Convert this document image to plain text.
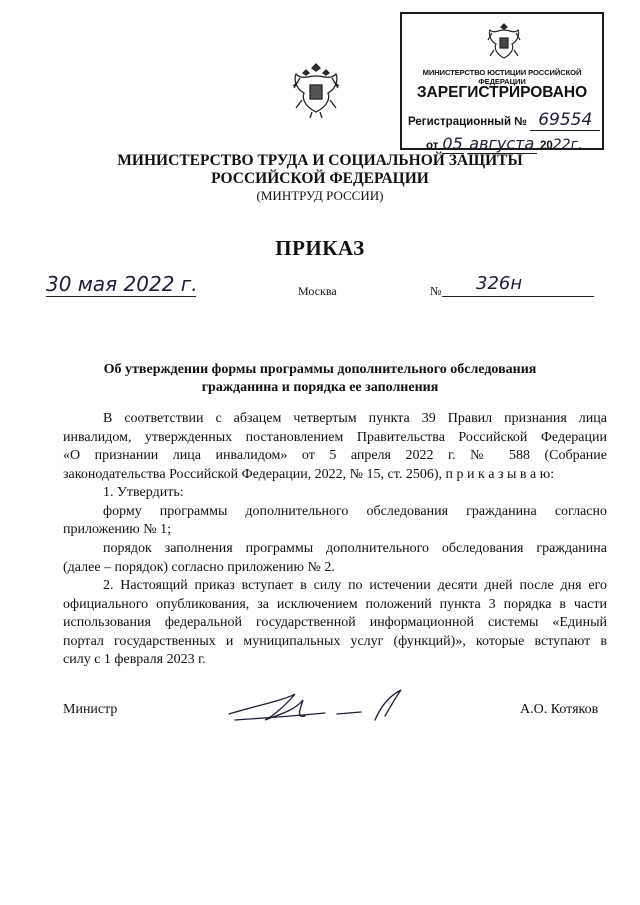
МИНИСТЕРСТВО ЮСТИЦИИ РОССИЙСКОЙ ФЕДЕРАЦИИ
ЗАРЕГИСТРИРОВАНО
Регистрационный № 69554
от 05 августа 2022г.
МИНИСТЕРСТВО ТРУДА И СОЦИАЛЬНОЙ ЗАЩИТЫ
РОССИЙСКОЙ ФЕДЕРАЦИИ
(МИНТРУД РОССИИ)
ПРИКАЗ
30 мая 2022 г.	Москва	№	326н
Об утверждении формы программы дополнительного обследования
гражданина и порядка ее заполнения
В соответствии с абзацем четвертым пункта 39 Правил признания лица
инвалидом, утвержденных постановлением Правительства Российской Федерации
«О признании лица инвалидом» от 5 апреля 2022 г. № 588 (Собрание
законодательства Российской Федерации, 2022, № 15, ст. 2506), п р и к а з ы в а ю:
1. Утвердить:
форму программы дополнительного обследования гражданина согласно
приложению № 1;
порядок заполнения программы дополнительного обследования гражданина
(далее – порядок) согласно приложению № 2.
2. Настоящий приказ вступает в силу по истечении десяти дней после дня его
официального опубликования, за исключением положений пункта 3 порядка в части
использования федеральной государственной информационной системы «Единый
портал государственных и муниципальных услуг (функций)», которые вступают в
силу с 1 февраля 2023 г.
Министр	А.О. Котяков
